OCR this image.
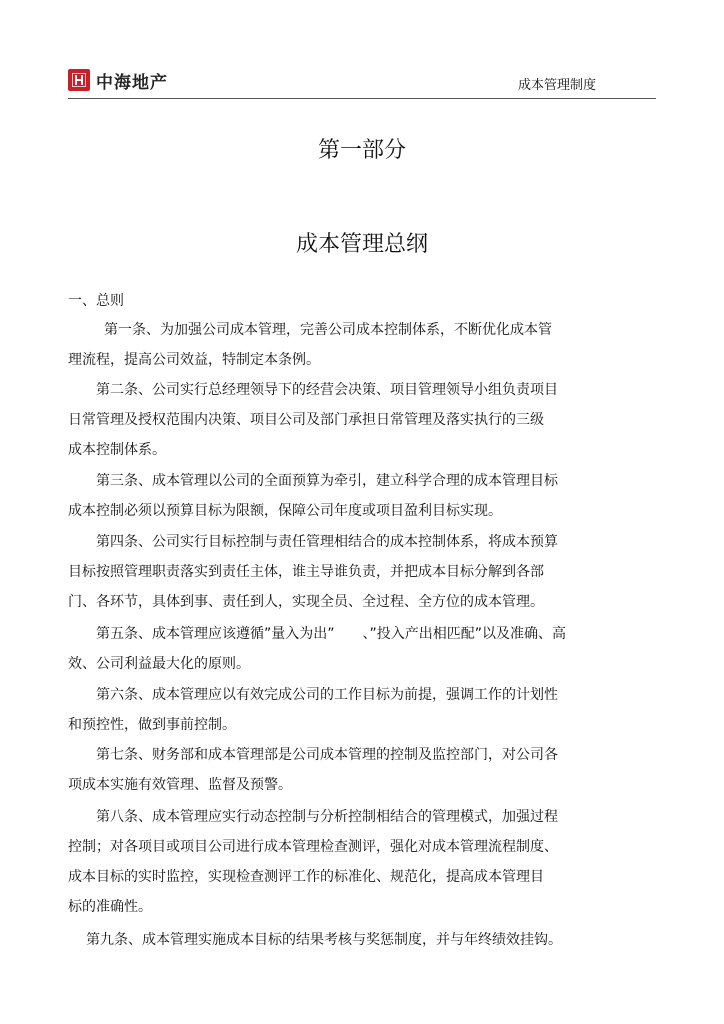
中海地产	成本管理制度
第一部分
成本管理总纲
一、总则
第一条、为加强公司成本管理，完善公司成本控制体系，不断优化成本管
理流程，提高公司效益，特制定本条例。
第二条、公司实行总经理领导下的经营会决策、项目管理领导小组负责项目
日常管理及授权范围内决策、项目公司及部门承担日常管理及落实执行的三级
成本控制体系。
第三条、成本管理以公司的全面预算为牵引，建立科学合理的成本管理目标
成本控制必须以预算目标为限额，保障公司年度或项目盈利目标实现。
第四条、公司实行目标控制与责任管理相结合的成本控制体系，将成本预算
目标按照管理职责落实到责任主体，谁主导谁负责，并把成本目标分解到各部
门、各环节，具体到事、责任到人，实现全员、全过程、全方位的成本管理。
第五条、成本管理应该遵循”量入为出”　　、”投入产出相匹配”以及准确、高
效、公司利益最大化的原则。
第六条、成本管理应以有效完成公司的工作目标为前提，强调工作的计划性
和预控性，做到事前控制。
第七条、财务部和成本管理部是公司成本管理的控制及监控部门，对公司各
项成本实施有效管理、监督及预警。
第八条、成本管理应实行动态控制与分析控制相结合的管理模式，加强过程
控制；对各项目或项目公司进行成本管理检查测评，强化对成本管理流程制度、
成本目标的实时监控，实现检查测评工作的标准化、规范化，提高成本管理目
标的准确性。
第九条、成本管理实施成本目标的结果考核与奖惩制度，并与年终绩效挂钩。
